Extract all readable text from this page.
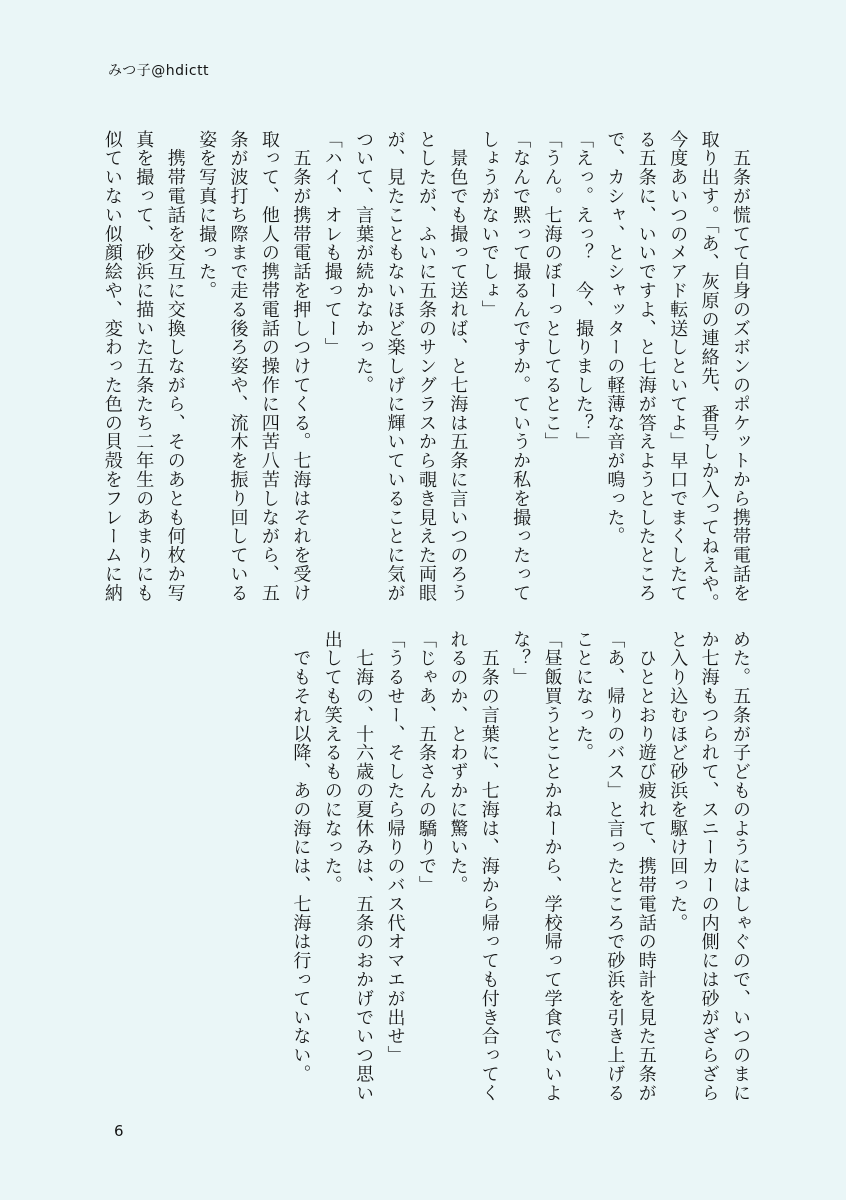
みつ子@hdictt
　五条が慌てて自身のズボンのポケットから携帯電話を
取り出す。「あ、灰原の連絡先、番号しか入ってねえや。
今度あいつのメアド転送しといてよ」早口でまくしたて
る五条に、いいですよ、と七海が答えようとしたところ
で、カシャ、とシャッターの軽薄な音が鳴った。
「えっ。えっ？　今、撮りました？」
「うん。七海のぼーっとしてるとこ」
「なんで黙って撮るんですか。ていうか私を撮ったって
しょうがないでしょ」
　景色でも撮って送れば、と七海は五条に言いつのろう
としたが、ふいに五条のサングラスから覗き見えた両眼
が、見たこともないほど楽しげに輝いていることに気が
ついて、言葉が続かなかった。
「ハイ、オレも撮ってー」
　五条が携帯電話を押しつけてくる。七海はそれを受け
取って、他人の携帯電話の操作に四苦八苦しながら、五
条が波打ち際まで走る後ろ姿や、流木を振り回している
姿を写真に撮った。
　携帯電話を交互に交換しながら、そのあとも何枚か写
真を撮って、砂浜に描いた五条たち二年生のあまりにも
似ていない似顔絵や、変わった色の貝殻をフレームに納
めた。五条が子どものようにはしゃぐので、いつのまに
か七海もつられて、スニーカーの内側には砂がざらざら
と入り込むほど砂浜を駆け回った。
　ひととおり遊び疲れて、携帯電話の時計を見た五条が
「あ、帰りのバス」と言ったところで砂浜を引き上げる
ことになった。
「昼飯買うとことかねーから、学校帰って学食でいいよ
な？」
　五条の言葉に、七海は、海から帰っても付き合ってく
れるのか、とわずかに驚いた。
「じゃあ、五条さんの驕りで」
「うるせー、そしたら帰りのバス代オマエが出せ」
　七海の、十六歳の夏休みは、五条のおかげでいつ思い
出しても笑えるものになった。
　でもそれ以降、あの海には、七海は行っていない。
6
